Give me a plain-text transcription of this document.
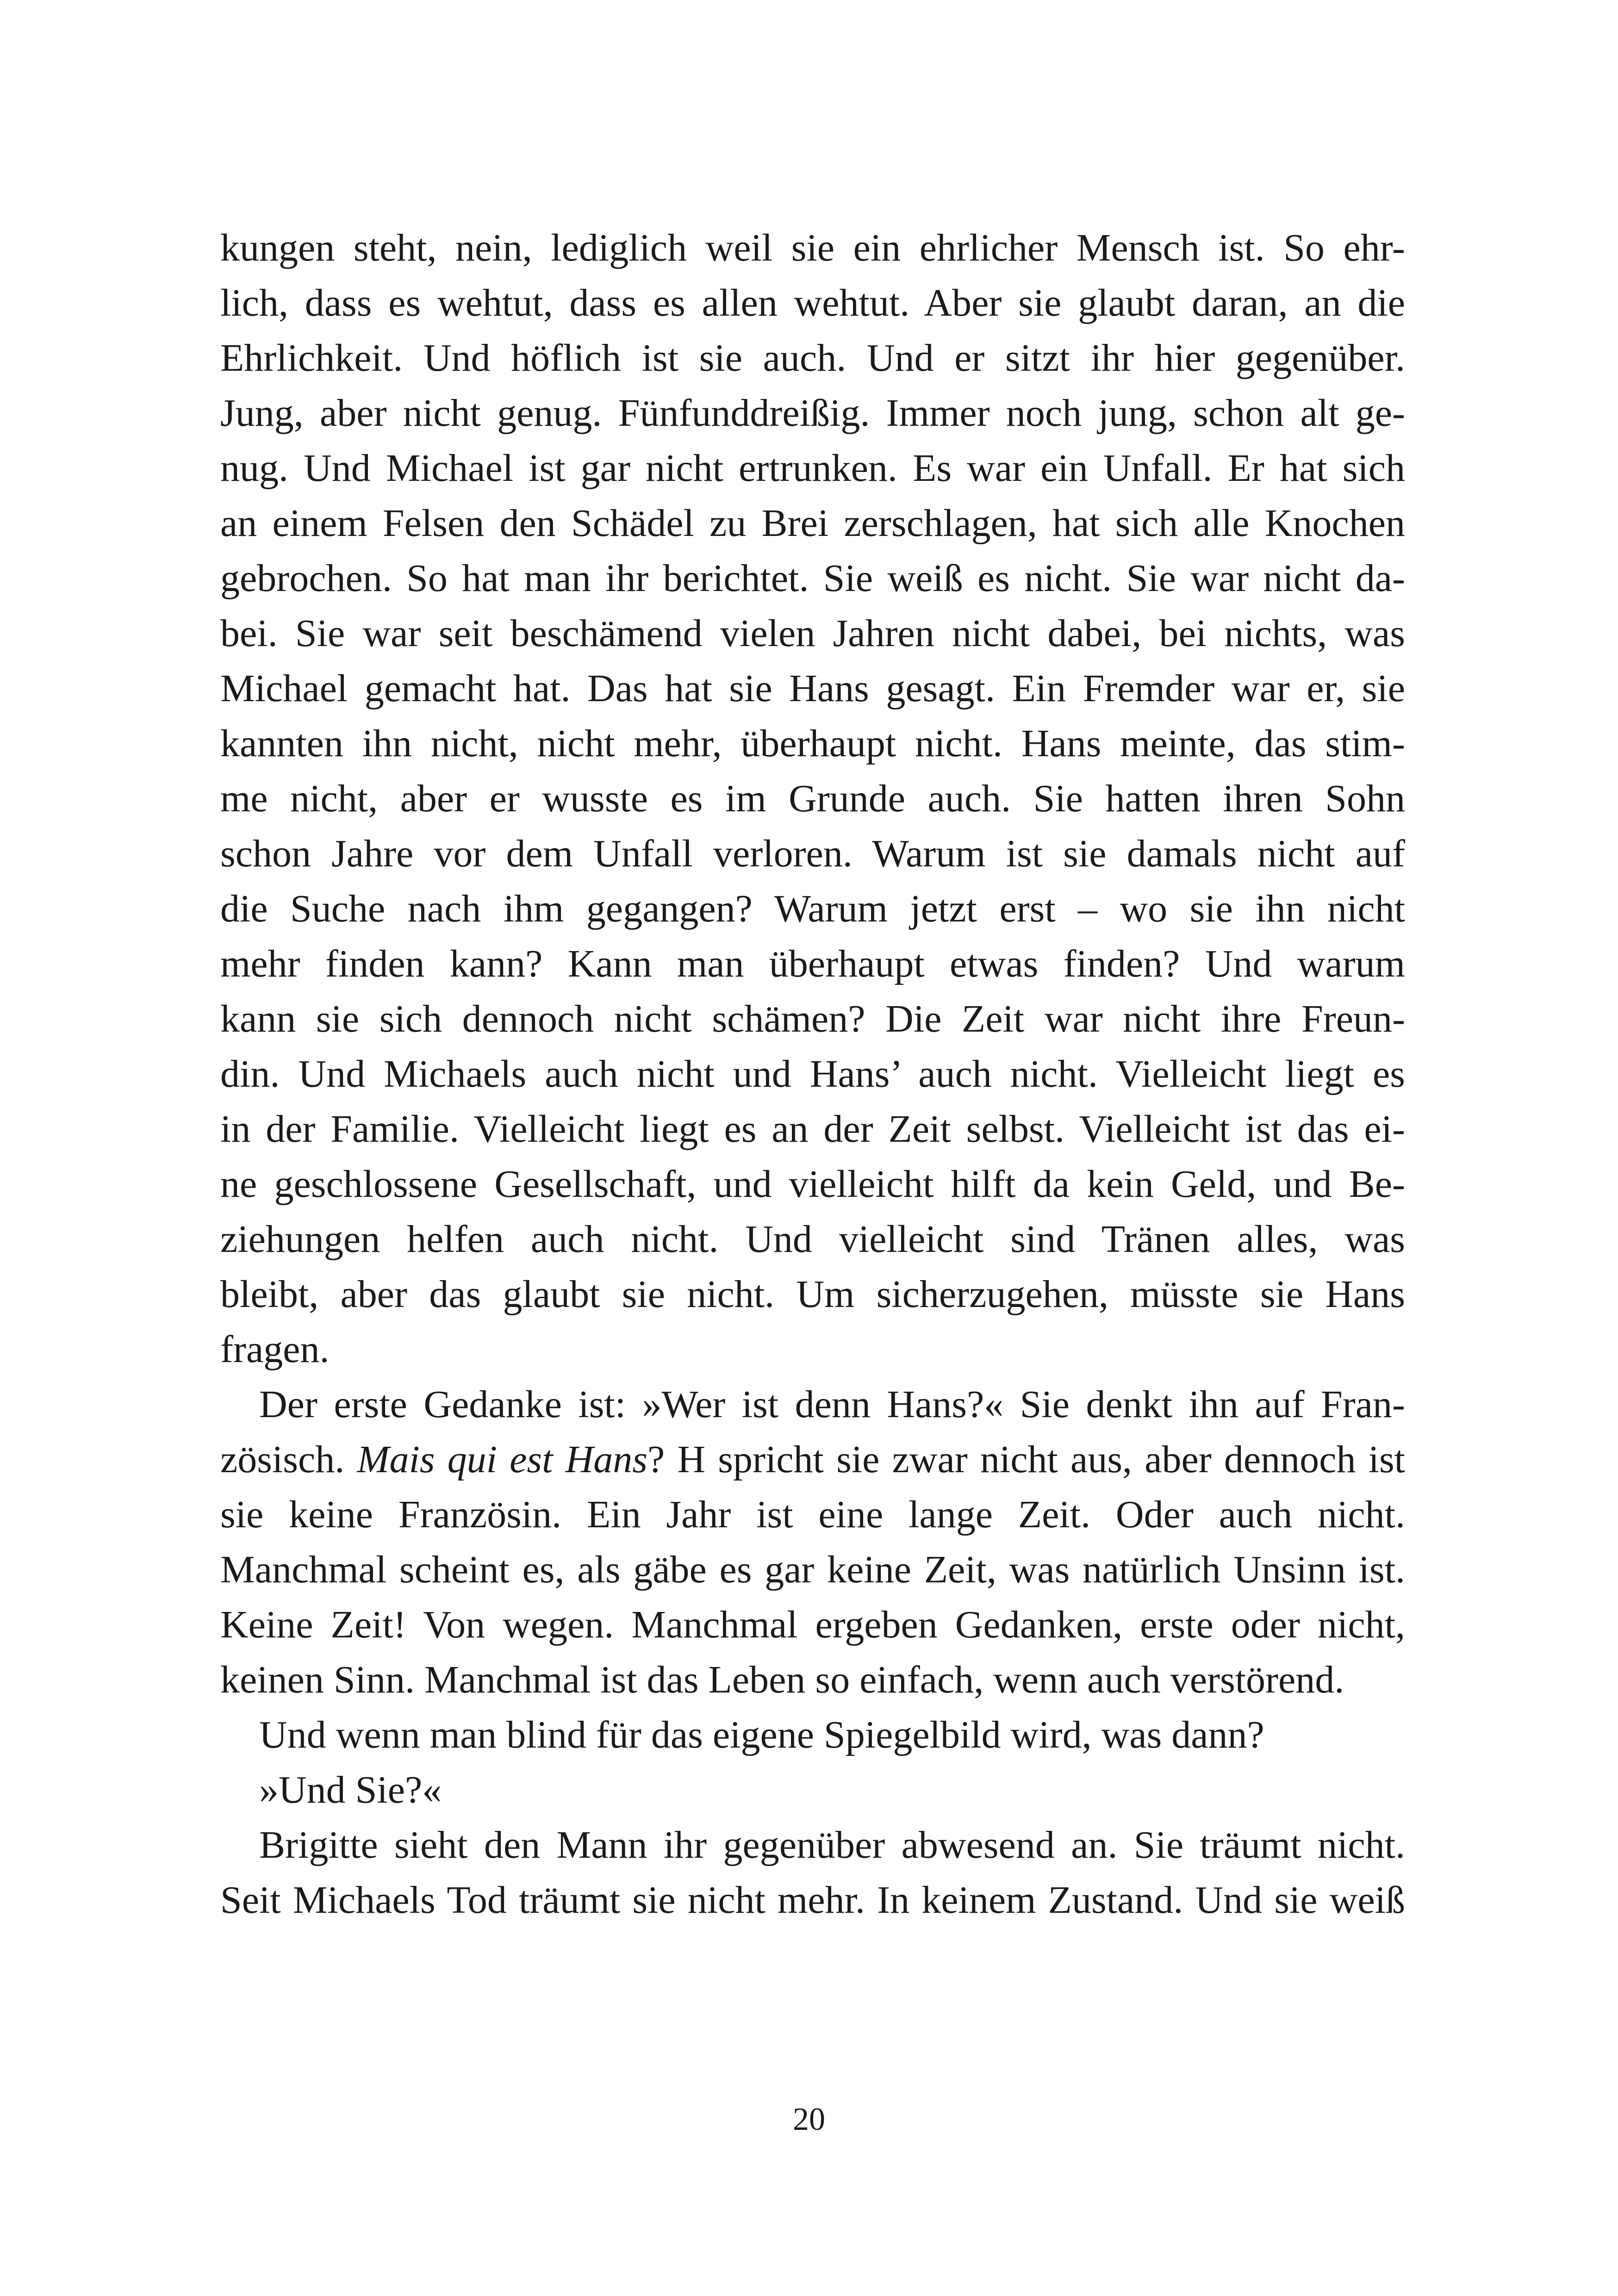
kungen steht, nein, lediglich weil sie ein ehrlicher Mensch ist. So ehr-
lich, dass es wehtut, dass es allen wehtut. Aber sie glaubt daran, an die
Ehrlichkeit. Und höflich ist sie auch. Und er sitzt ihr hier gegenüber.
Jung, aber nicht genug. Fünfunddreißig. Immer noch jung, schon alt ge-
nug. Und Michael ist gar nicht ertrunken. Es war ein Unfall. Er hat sich
an einem Felsen den Schädel zu Brei zerschlagen, hat sich alle Knochen
gebrochen. So hat man ihr berichtet. Sie weiß es nicht. Sie war nicht da-
bei. Sie war seit beschämend vielen Jahren nicht dabei, bei nichts, was
Michael gemacht hat. Das hat sie Hans gesagt. Ein Fremder war er, sie
kannten ihn nicht, nicht mehr, überhaupt nicht. Hans meinte, das stim-
me nicht, aber er wusste es im Grunde auch. Sie hatten ihren Sohn
schon Jahre vor dem Unfall verloren. Warum ist sie damals nicht auf
die Suche nach ihm gegangen? Warum jetzt erst – wo sie ihn nicht
mehr finden kann? Kann man überhaupt etwas finden? Und warum
kann sie sich dennoch nicht schämen? Die Zeit war nicht ihre Freun-
din. Und Michaels auch nicht und Hans’ auch nicht. Vielleicht liegt es
in der Familie. Vielleicht liegt es an der Zeit selbst. Vielleicht ist das ei-
ne geschlossene Gesellschaft, und vielleicht hilft da kein Geld, und Be-
ziehungen helfen auch nicht. Und vielleicht sind Tränen alles, was
bleibt, aber das glaubt sie nicht. Um sicherzugehen, müsste sie Hans
fragen.
Der erste Gedanke ist: »Wer ist denn Hans?« Sie denkt ihn auf Fran-
zösisch. Mais qui est Hans? H spricht sie zwar nicht aus, aber dennoch ist
sie keine Französin. Ein Jahr ist eine lange Zeit. Oder auch nicht.
Manchmal scheint es, als gäbe es gar keine Zeit, was natürlich Unsinn ist.
Keine Zeit! Von wegen. Manchmal ergeben Gedanken, erste oder nicht,
keinen Sinn. Manchmal ist das Leben so einfach, wenn auch verstörend.
Und wenn man blind für das eigene Spiegelbild wird, was dann?
»Und Sie?«
Brigitte sieht den Mann ihr gegenüber abwesend an. Sie träumt nicht.
Seit Michaels Tod träumt sie nicht mehr. In keinem Zustand. Und sie weiß
20
